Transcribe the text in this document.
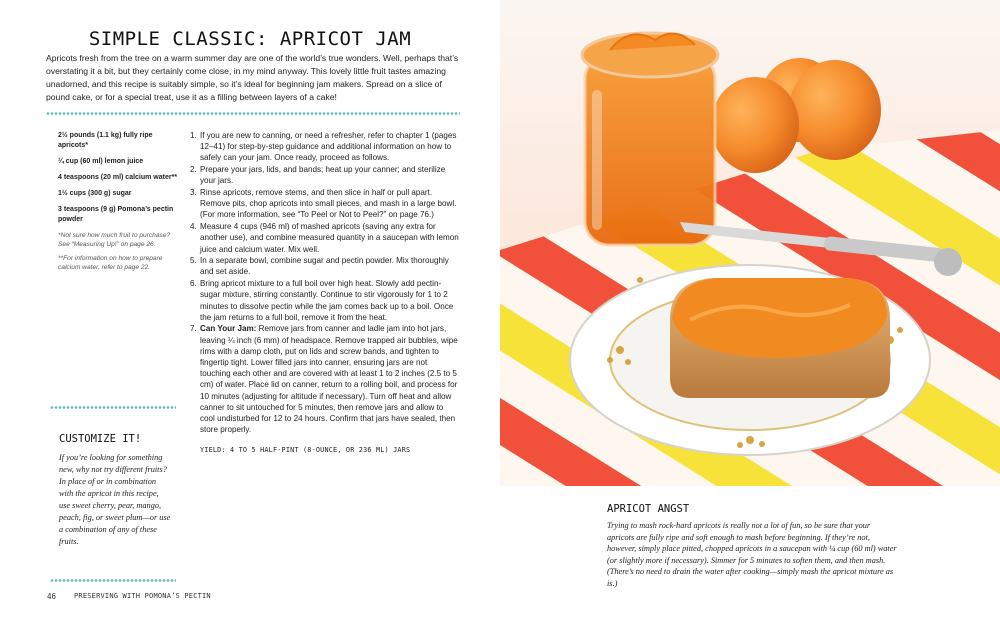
SIMPLE CLASSIC: APRICOT JAM
Apricots fresh from the tree on a warm summer day are one of the world’s true wonders. Well, perhaps that’s overstating it a bit, but they certainly come close, in my mind anyway. This lovely little fruit tastes amazing unadorned, and this recipe is suitably simple, so it’s ideal for beginning jam makers. Spread on a slice of pound cake, or for a special treat, use it as a filling between layers of a cake!
2½ pounds (1.1 kg) fully ripe apricots*
¼ cup (60 ml) lemon juice
4 teaspoons (20 ml) calcium water**
1½ cups (300 g) sugar
3 teaspoons (9 g) Pomona’s pectin powder
*Not sure how much fruit to purchase? See “Measuring Up!” on page 26.
**For information on how to prepare calcium water, refer to page 22.
1. If you are new to canning, or need a refresher, refer to chapter 1 (pages 12–41) for step-by-step guidance and additional information on how to safely can your jam. Once ready, proceed as follows.
2. Prepare your jars, lids, and bands; heat up your canner; and sterilize your jars.
3. Rinse apricots, remove stems, and then slice in half or pull apart. Remove pits, chop apricots into small pieces, and mash in a large bowl. (For more information, see “To Peel or Not to Peel?” on page 76.)
4. Measure 4 cups (946 ml) of mashed apricots (saving any extra for another use), and combine measured quantity in a saucepan with lemon juice and calcium water. Mix well.
5. In a separate bowl, combine sugar and pectin powder. Mix thoroughly and set aside.
6. Bring apricot mixture to a full boil over high heat. Slowly add pectin-sugar mixture, stirring constantly. Continue to stir vigorously for 1 to 2 minutes to dissolve pectin while the jam comes back up to a boil. Once the jam returns to a full boil, remove it from the heat.
7. Can Your Jam: Remove jars from canner and ladle jam into hot jars, leaving ¼ inch (6 mm) of headspace. Remove trapped air bubbles, wipe rims with a damp cloth, put on lids and screw bands, and tighten to fingertip tight. Lower filled jars into canner, ensuring jars are not touching each other and are covered with at least 1 to 2 inches (2.5 to 5 cm) of water. Place lid on canner, return to a rolling boil, and process for 10 minutes (adjusting for altitude if necessary). Turn off heat and allow canner to sit untouched for 5 minutes, then remove jars and allow to cool undisturbed for 12 to 24 hours. Confirm that jars have sealed, then store properly.
YIELD: 4 TO 5 HALF-PINT (8-OUNCE, OR 236 ML) JARS
CUSTOMIZE IT!
If you’re looking for something new, why not try different fruits? In place of or in combination with the apricot in this recipe, use sweet cherry, pear, mango, peach, fig, or sweet plum—or use a combination of any of these fruits.
46	PRESERVING WITH POMONA’S PECTIN
APRICOT ANGST
Trying to mash rock-hard apricots is really not a lot of fun, so be sure that your apricots are fully ripe and soft enough to mash before beginning. If they’re not, however, simply place pitted, chopped apricots in a saucepan with ¼ cup (60 ml) water (or slightly more if necessary). Simmer for 5 minutes to soften them, and then mash. (There’s no need to drain the water after cooking—simply mash the apricot mixture as is.)
